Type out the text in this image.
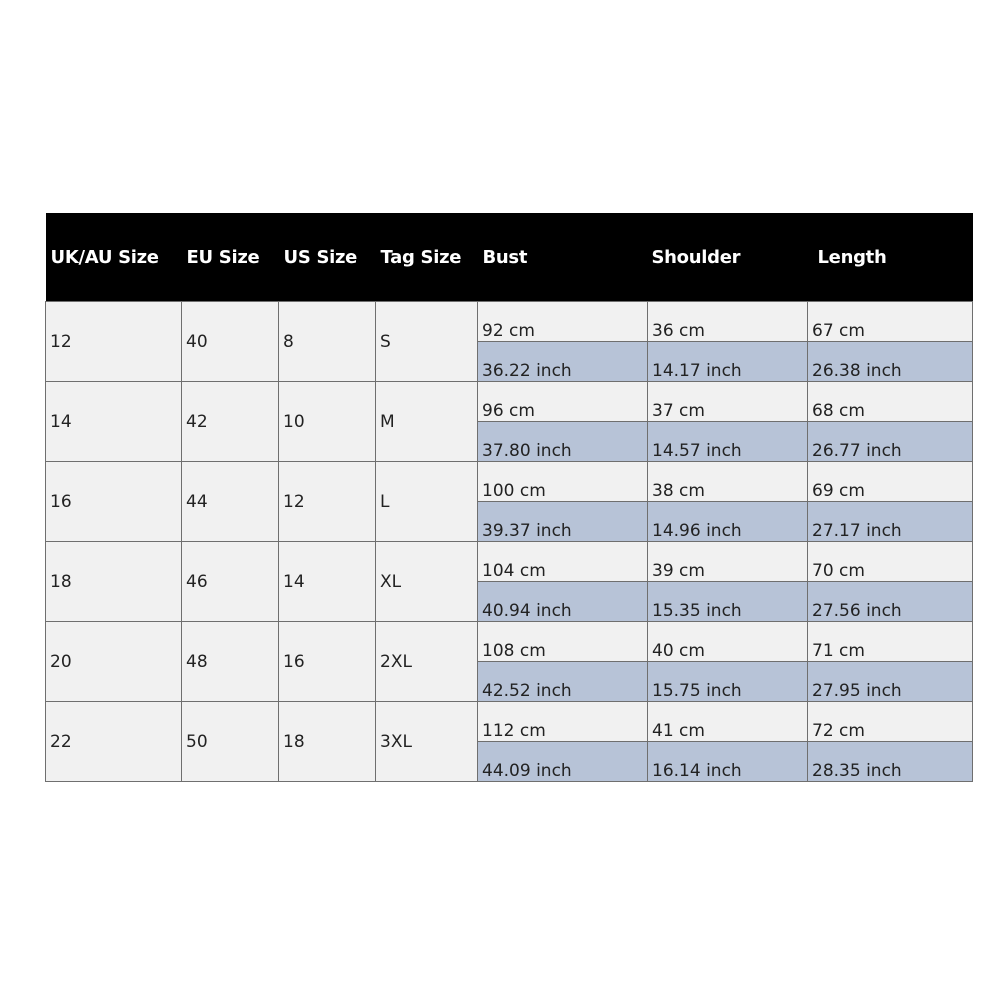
UK/AU Size	EU Size	US Size	Tag Size	Bust	Shoulder	Length
12	40	8	S	92 cm	36 cm	67 cm
				36.22 inch	14.17 inch	26.38 inch
14	42	10	M	96 cm	37 cm	68 cm
				37.80 inch	14.57 inch	26.77 inch
16	44	12	L	100 cm	38 cm	69 cm
				39.37 inch	14.96 inch	27.17 inch
18	46	14	XL	104 cm	39 cm	70 cm
				40.94 inch	15.35 inch	27.56 inch
20	48	16	2XL	108 cm	40 cm	71 cm
				42.52 inch	15.75 inch	27.95 inch
22	50	18	3XL	112 cm	41 cm	72 cm
				44.09 inch	16.14 inch	28.35 inch
